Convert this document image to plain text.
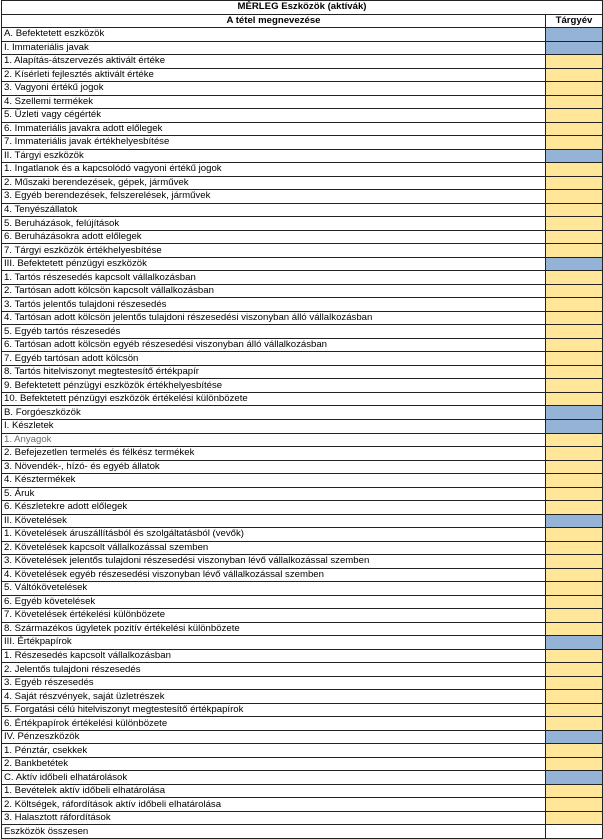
MÉRLEG Eszközök (aktívák)	
A tétel megnevezése	Tárgyév
A. Befektetett eszközök	
I. Immateriális javak	
1. Alapítás-átszervezés aktivált értéke	
2. Kísérleti fejlesztés aktivált értéke	
3. Vagyoni értékű jogok	
4. Szellemi termékek	
5. Üzleti vagy cégérték	
6. Immateriális javakra adott előlegek	
7. Immateriális javak értékhelyesbítése	
II. Tárgyi eszközök	
1. Ingatlanok és a kapcsolódó vagyoni értékű jogok	
2. Műszaki berendezések, gépek, járművek	
3. Egyéb berendezések, felszerelések, járművek	
4. Tenyészállatok	
5. Beruházások, felújítások	
6. Beruházásokra adott előlegek	
7. Tárgyi eszközök értékhelyesbítése	
III. Befektetett pénzügyi eszközök	
1. Tartós részesedés kapcsolt vállalkozásban	
2. Tartósan adott kölcsön kapcsolt vállalkozásban	
3. Tartós jelentős tulajdoni részesedés	
4. Tartósan adott kölcsön jelentős tulajdoni részesedési viszonyban álló vállalkozásban	
5. Egyéb tartós részesedés	
6. Tartósan adott kölcsön egyéb részesedési viszonyban álló vállalkozásban	
7. Egyéb tartósan adott kölcsön	
8. Tartós hitelviszonyt megtestesítő értékpapír	
9. Befektetett pénzügyi eszközök értékhelyesbítése	
10. Befektetett pénzügyi eszközök értékelési különbözete	
B. Forgóeszközök	
I. Készletek	
1. Anyagok	
2. Befejezetlen termelés és félkész termékek	
3. Növendék-, hízó- és egyéb állatok	
4. Késztermékek	
5. Áruk	
6. Készletekre adott előlegek	
II. Követelések	
1. Követelések áruszállításból és szolgáltatásból (vevők)	
2. Követelések kapcsolt vállalkozással szemben	
3. Követelések jelentős tulajdoni részesedési viszonyban lévő vállalkozással szemben	
4. Követelések egyéb részesedési viszonyban lévő vállalkozással szemben	
5. Váltókövetelések	
6. Egyéb követelések	
7. Követelések értékelési különbözete	
8. Származékos ügyletek pozitív értékelési különbözete	
III. Értékpapírok	
1. Részesedés kapcsolt vállalkozásban	
2. Jelentős tulajdoni részesedés	
3. Egyéb részesedés	
4. Saját részvények, saját üzletrészek	
5. Forgatási célú hitelviszonyt megtestesítő értékpapírok	
6. Értékpapírok értékelési különbözete	
IV. Pénzeszközök	
1. Pénztár, csekkek	
2. Bankbetétek	
C. Aktív időbeli elhatárolások	
1. Bevételek aktív időbeli elhatárolása	
2. Költségek, ráfordítások aktív időbeli elhatárolása	
3. Halasztott ráfordítások	
Eszközök összesen	
